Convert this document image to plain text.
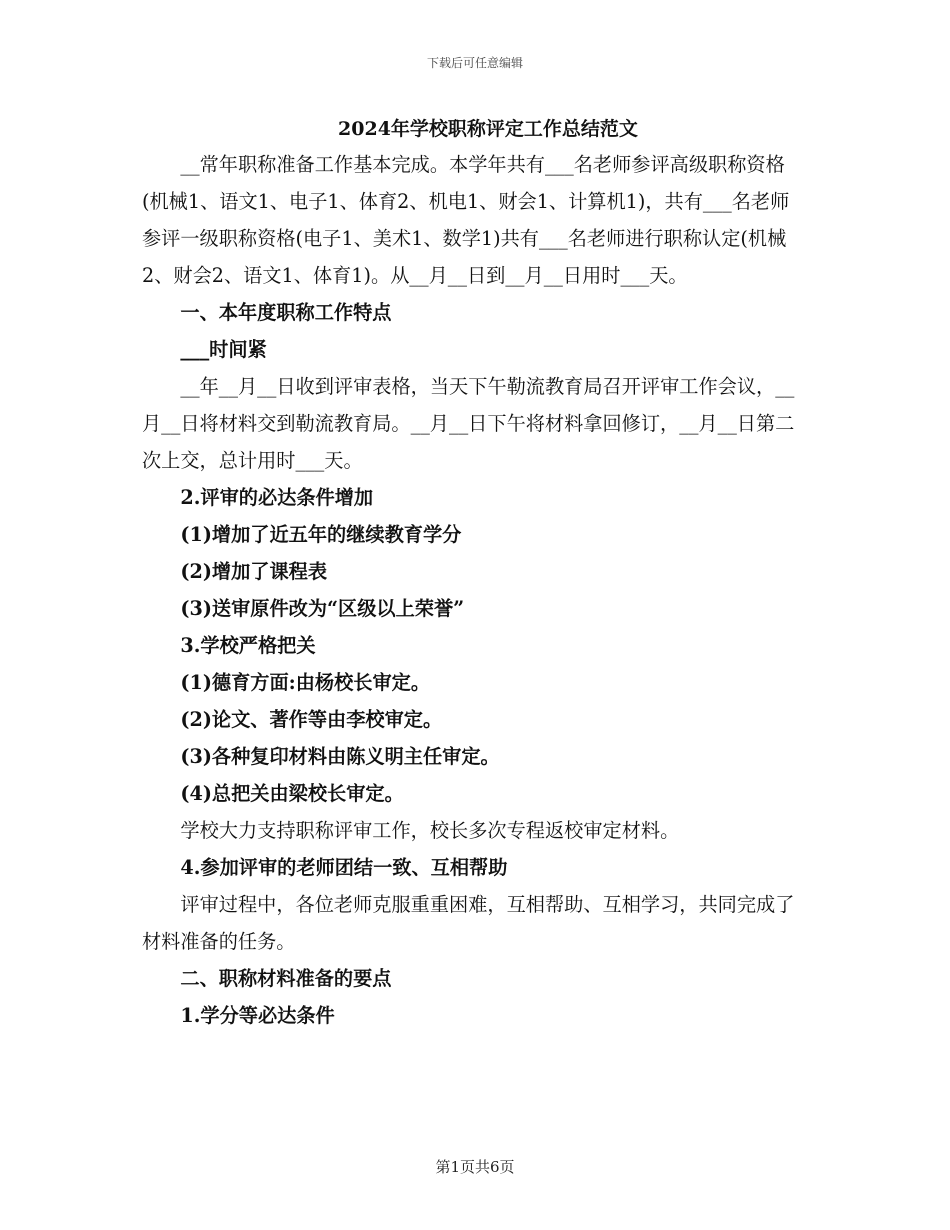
下载后可任意编辑
2024年学校职称评定工作总结范文

__常年职称准备工作基本完成。本学年共有___名老师参评高级职称资格(机械1、语文1、电子1、体育2、机电1、财会1、计算机1)，共有___名老师参评一级职称资格(电子1、美术1、数学1)共有___名老师进行职称认定(机械2、财会2、语文1、体育1)。从__月__日到__月__日用时___天。

一、本年度职称工作特点

___时间紧

__年__月__日收到评审表格，当天下午勒流教育局召开评审工作会议，__月__日将材料交到勒流教育局。__月__日下午将材料拿回修订，__月__日第二次上交，总计用时___天。

2.评审的必达条件增加

(1)增加了近五年的继续教育学分

(2)增加了课程表

(3)送审原件改为“区级以上荣誉”

3.学校严格把关

(1)德育方面:由杨校长审定。

(2)论文、著作等由李校审定。

(3)各种复印材料由陈义明主任审定。

(4)总把关由梁校长审定。

学校大力支持职称评审工作，校长多次专程返校审定材料。

4.参加评审的老师团结一致、互相帮助

评审过程中，各位老师克服重重困难，互相帮助、互相学习，共同完成了材料准备的任务。

二、职称材料准备的要点

1.学分等必达条件

第1页共6页
